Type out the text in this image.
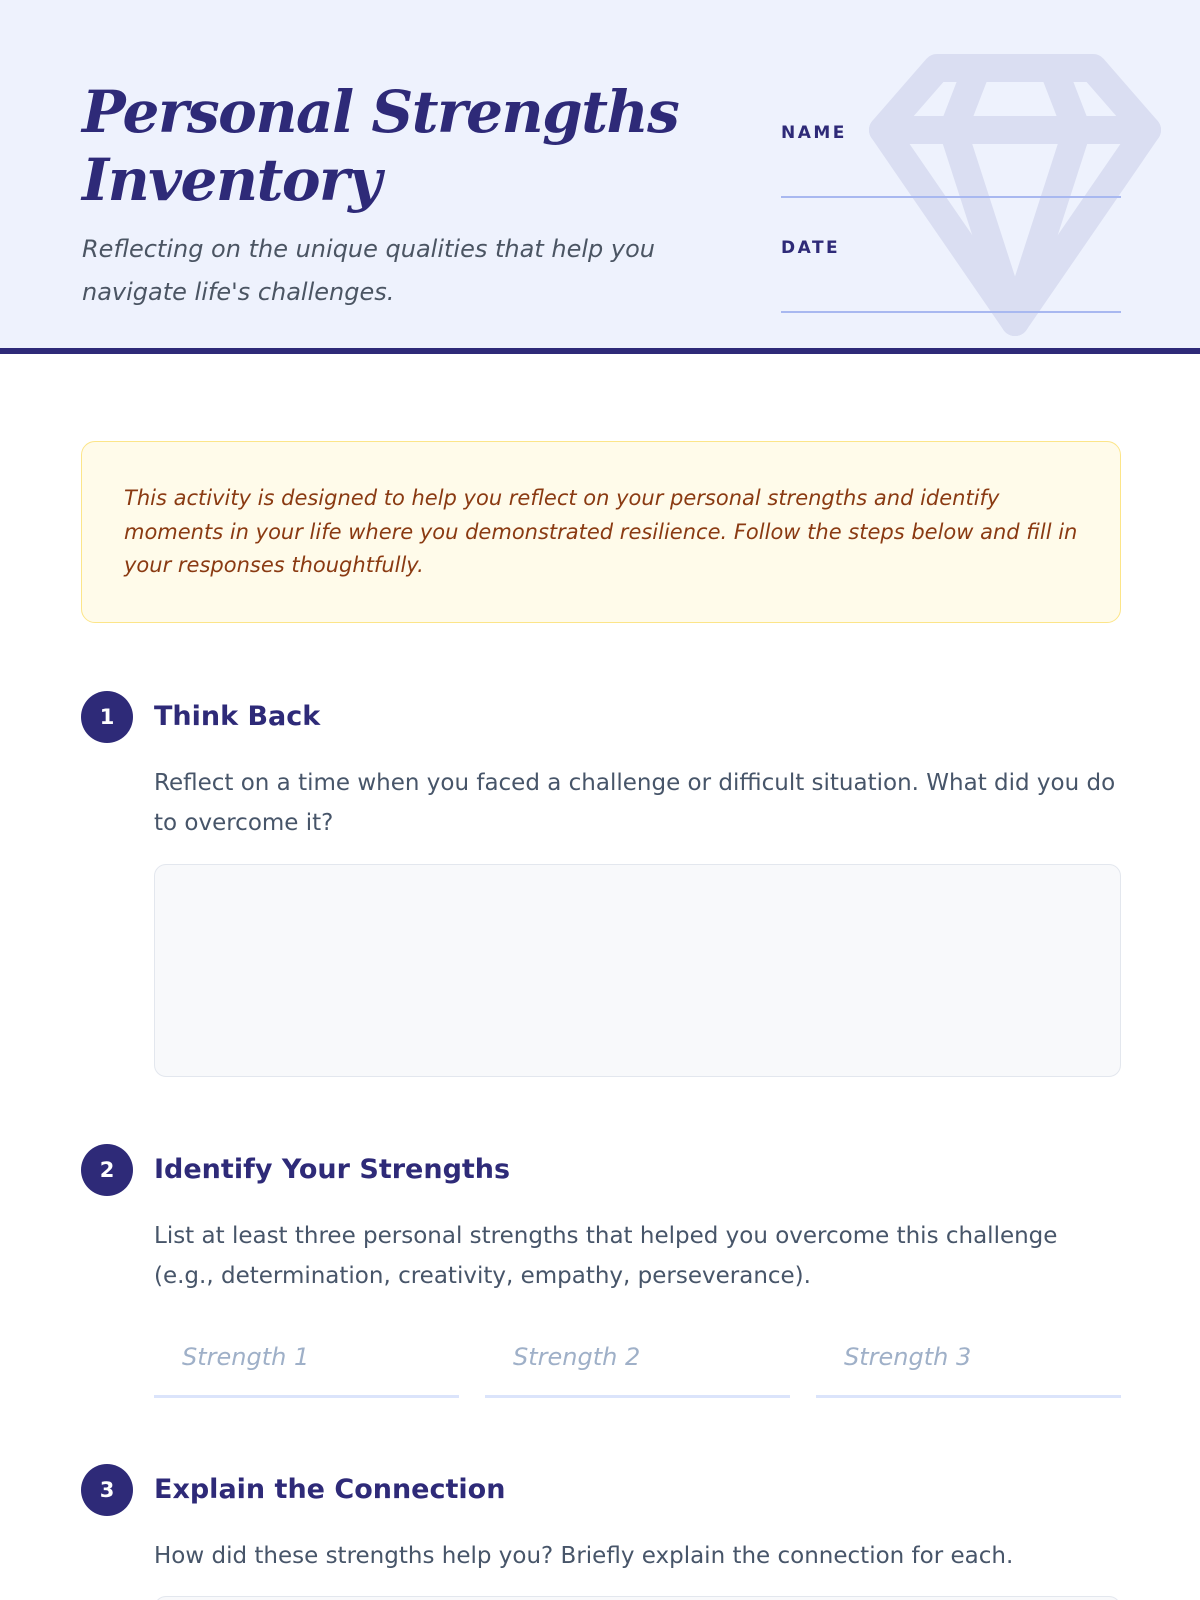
Personal Strengths
Inventory
Reflecting on the unique qualities that help you navigate life's challenges.
NAME
DATE
This activity is designed to help you reflect on your personal strengths and identify moments in your life where you demonstrated resilience. Follow the steps below and fill in your responses thoughtfully.
1	Think Back
Reflect on a time when you faced a challenge or difficult situation. What did you do to overcome it?
2	Identify Your Strengths
List at least three personal strengths that helped you overcome this challenge (e.g., determination, creativity, empathy, perseverance).
Strength 1
Strength 2
Strength 3
3	Explain the Connection
How did these strengths help you? Briefly explain the connection for each.
